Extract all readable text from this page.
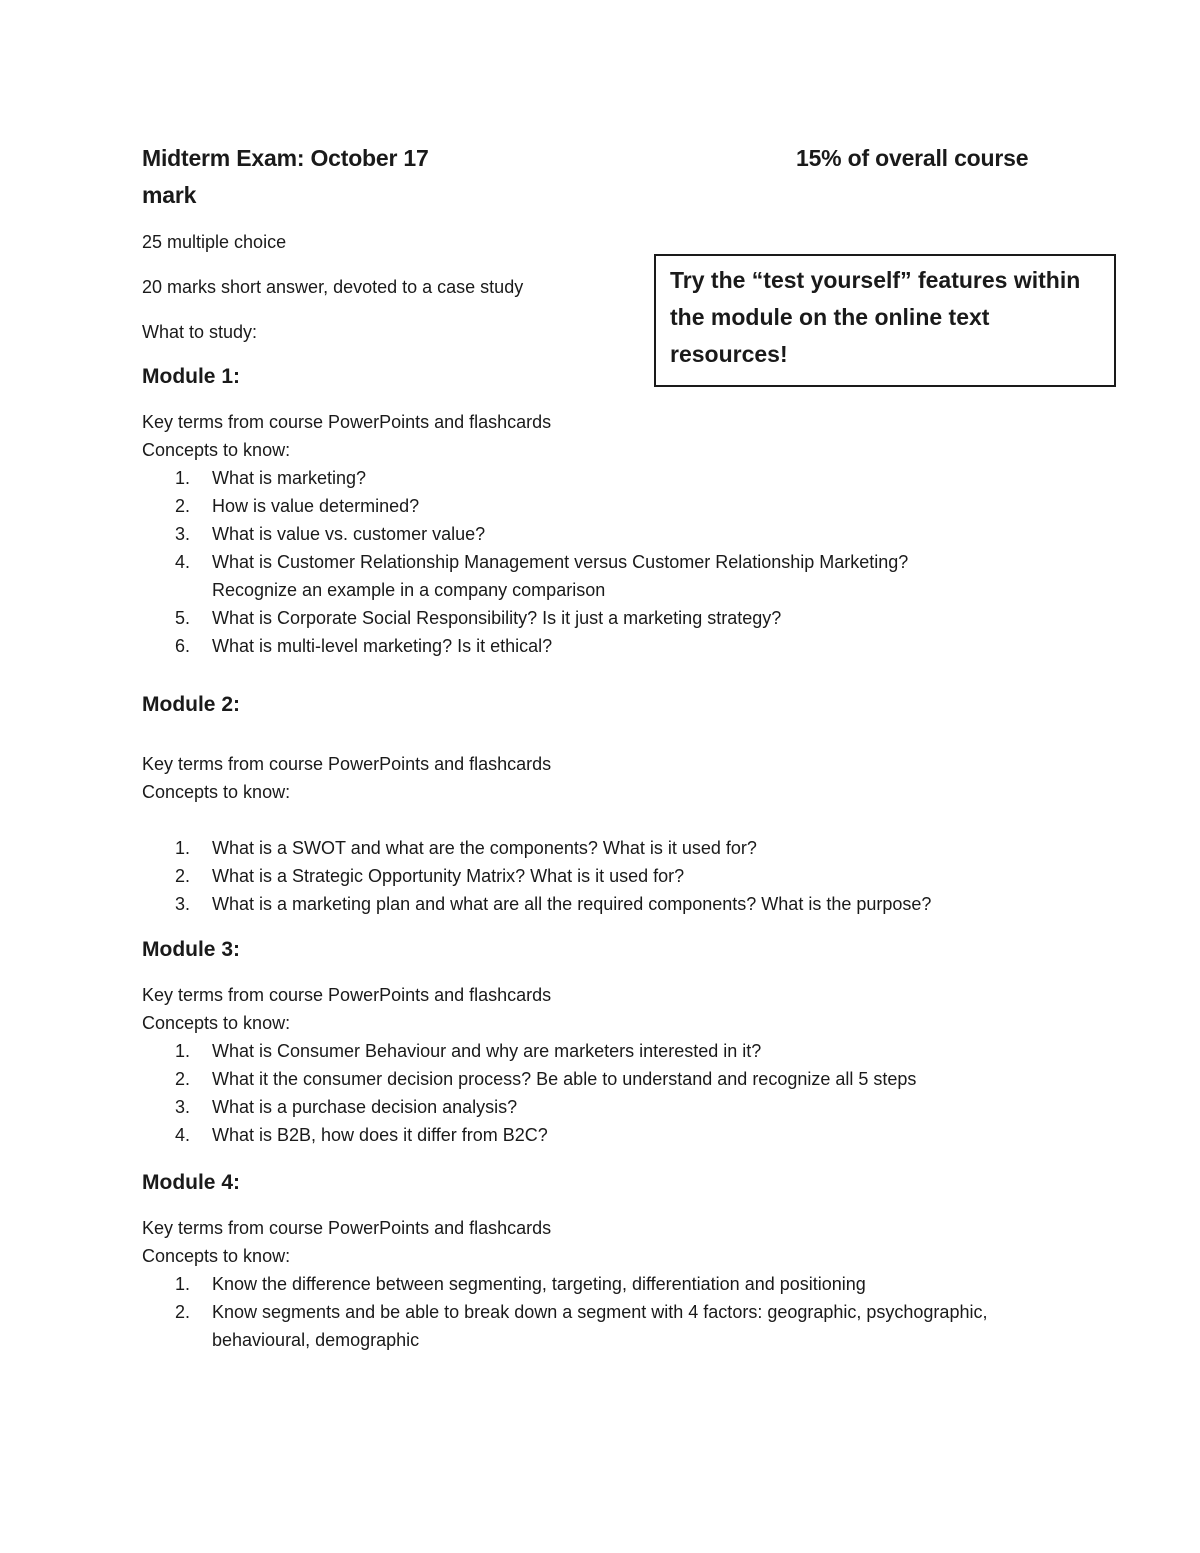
Midterm Exam: October 17	15% of overall course
mark
25 multiple choice
20 marks short answer, devoted to a case study
What to study:
Try the “test yourself” features within the module on the online text resources!
Module 1:
Key terms from course PowerPoints and flashcards
Concepts to know:
1. What is marketing?
2. How is value determined?
3. What is value vs. customer value?
4. What is Customer Relationship Management versus Customer Relationship Marketing? Recognize an example in a company comparison
5. What is Corporate Social Responsibility? Is it just a marketing strategy?
6. What is multi-level marketing? Is it ethical?
Module 2:
Key terms from course PowerPoints and flashcards
Concepts to know:
1. What is a SWOT and what are the components? What is it used for?
2. What is a Strategic Opportunity Matrix? What is it used for?
3. What is a marketing plan and what are all the required components? What is the purpose?
Module 3:
Key terms from course PowerPoints and flashcards
Concepts to know:
1. What is Consumer Behaviour and why are marketers interested in it?
2. What it the consumer decision process? Be able to understand and recognize all 5 steps
3. What is a purchase decision analysis?
4. What is B2B, how does it differ from B2C?
Module 4:
Key terms from course PowerPoints and flashcards
Concepts to know:
1. Know the difference between segmenting, targeting, differentiation and positioning
2. Know segments and be able to break down a segment with 4 factors: geographic, psychographic, behavioural, demographic
